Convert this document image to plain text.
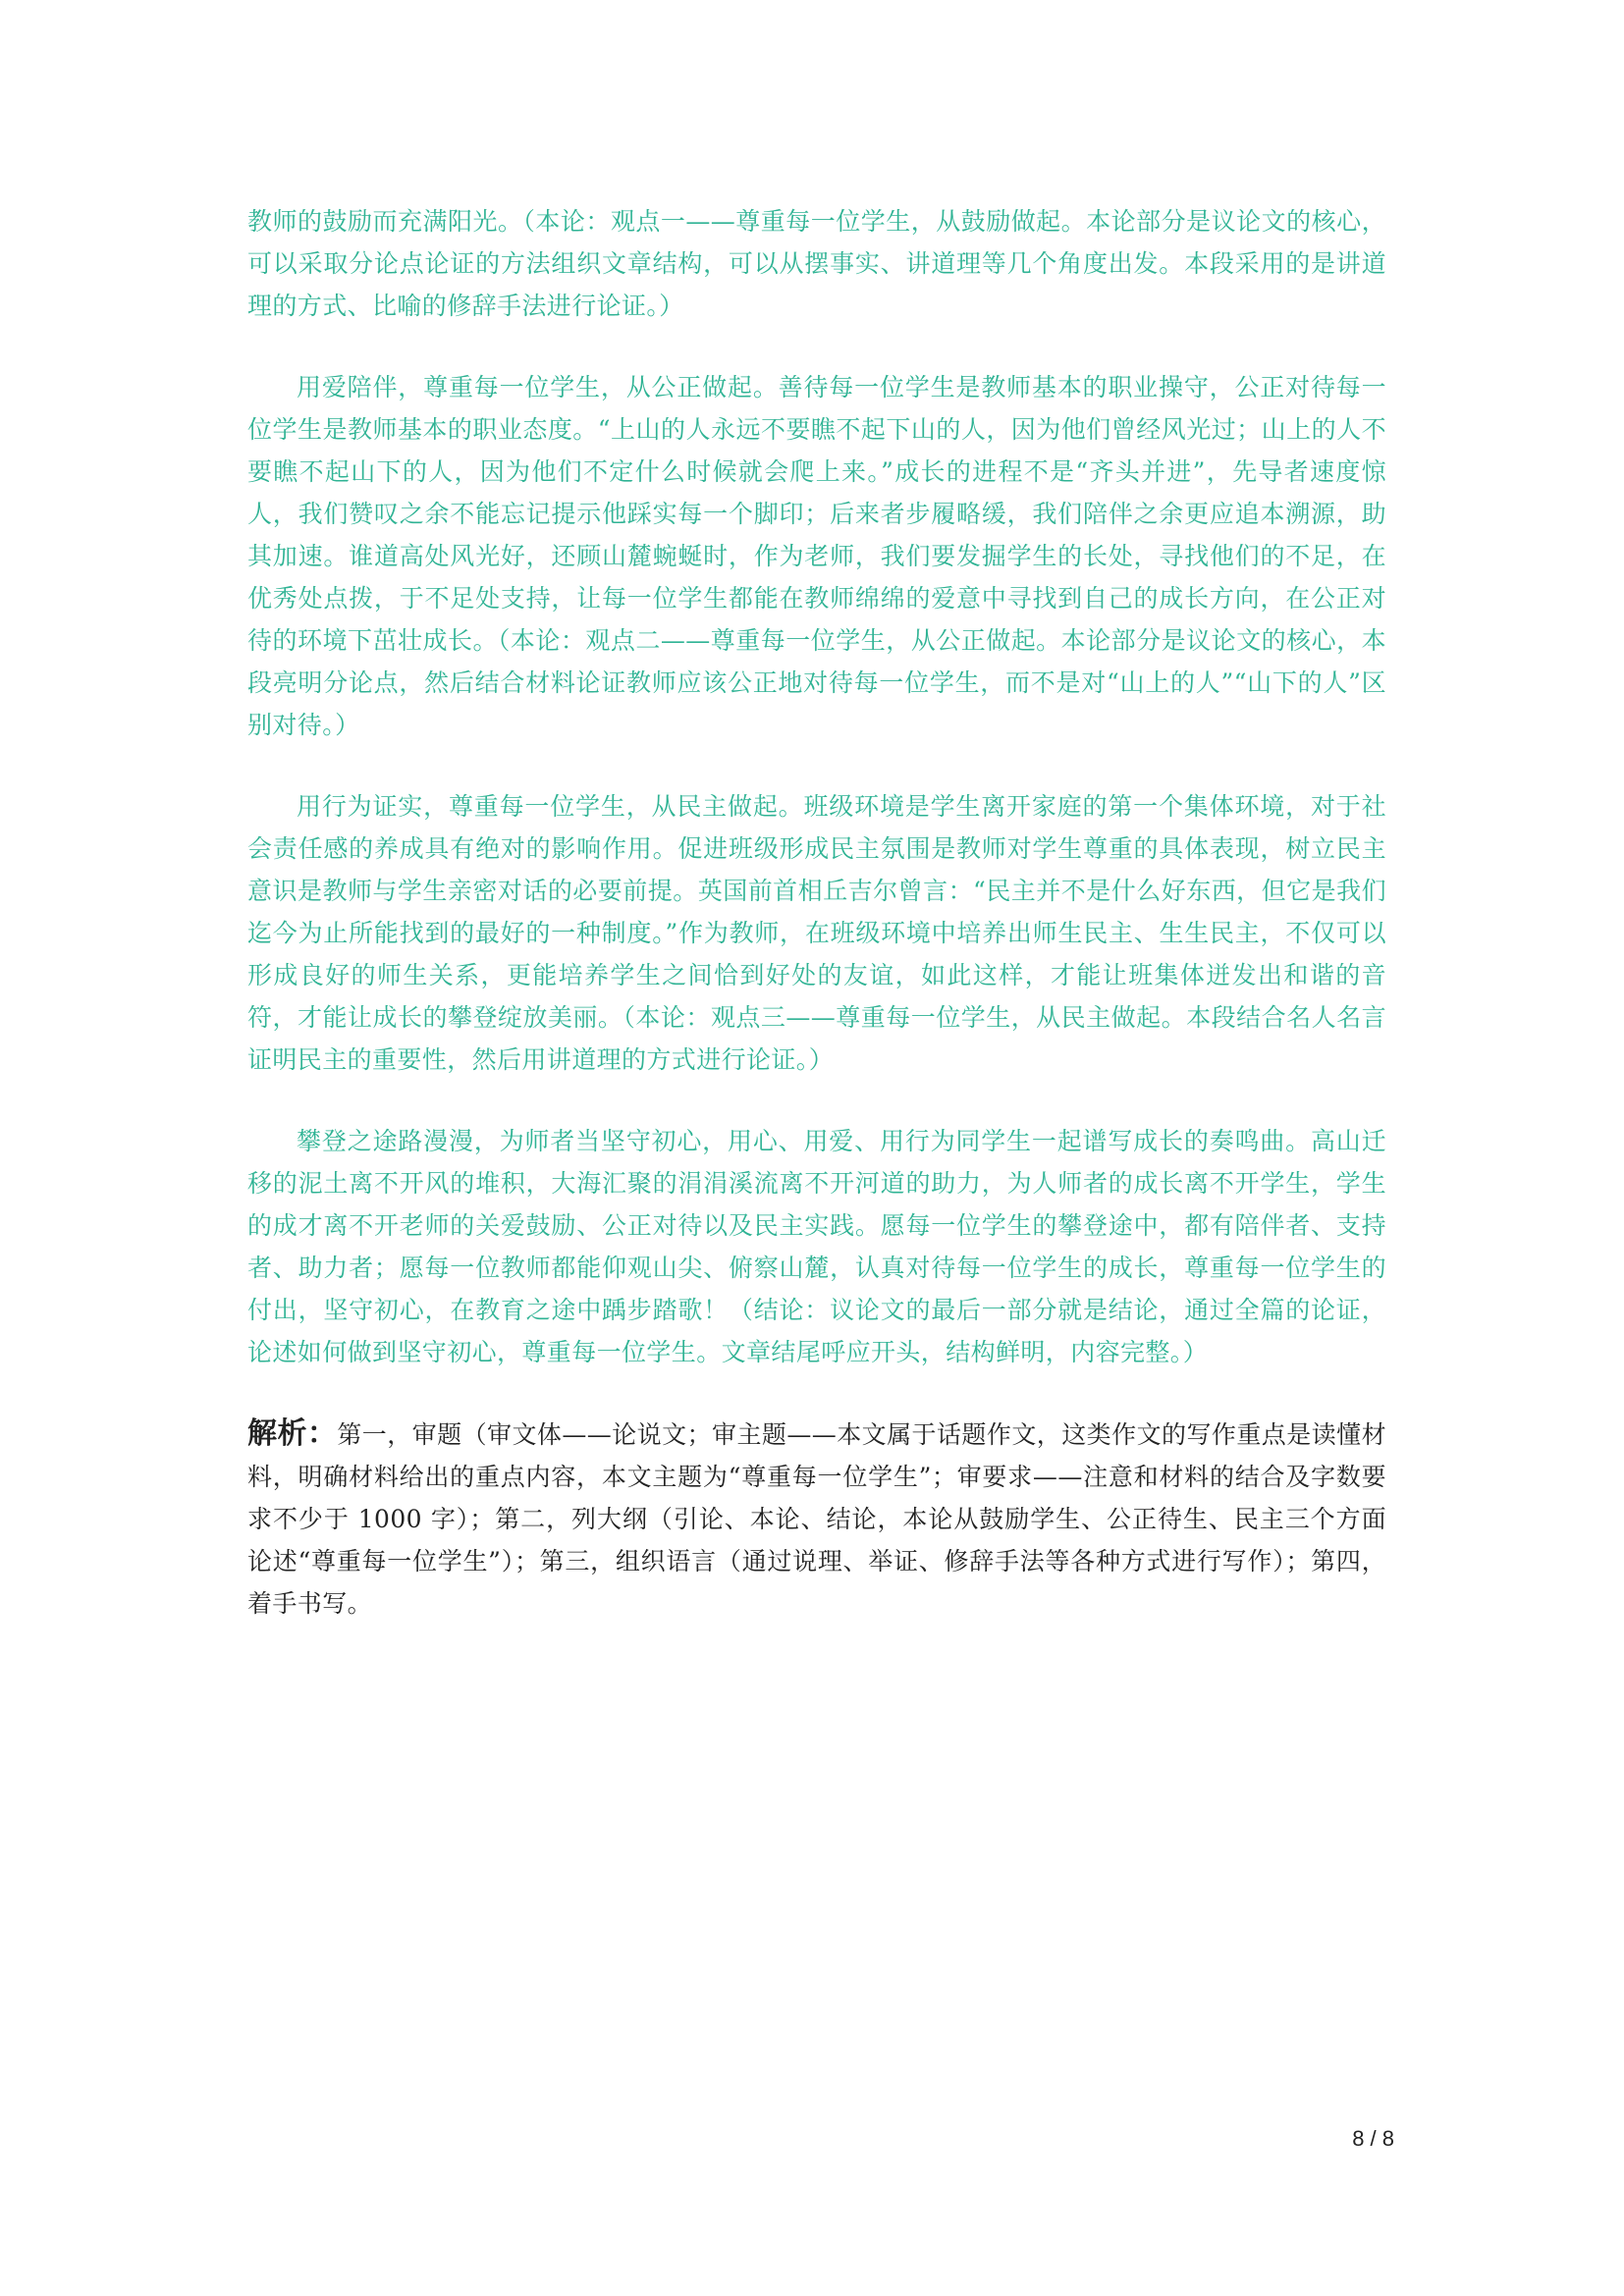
教师的鼓励而充满阳光。（本论：观点一——尊重每一位学生，从鼓励做起。本论部分是议论文的核心，可以采取分论点论证的方法组织文章结构，可以从摆事实、讲道理等几个角度出发。本段采用的是讲道理的方式、比喻的修辞手法进行论证。）

用爱陪伴，尊重每一位学生，从公正做起。善待每一位学生是教师基本的职业操守，公正对待每一位学生是教师基本的职业态度。“上山的人永远不要瞧不起下山的人，因为他们曾经风光过；山上的人不要瞧不起山下的人，因为他们不定什么时候就会爬上来。”成长的进程不是“齐头并进”，先导者速度惊人，我们赞叹之余不能忘记提示他踩实每一个脚印；后来者步履略缓，我们陪伴之余更应追本溯源，助其加速。谁道高处风光好，还顾山麓蜿蜒时，作为老师，我们要发掘学生的长处，寻找他们的不足，在优秀处点拨，于不足处支持，让每一位学生都能在教师绵绵的爱意中寻找到自己的成长方向，在公正对待的环境下茁壮成长。（本论：观点二——尊重每一位学生，从公正做起。本论部分是议论文的核心，本段亮明分论点，然后结合材料论证教师应该公正地对待每一位学生，而不是对“山上的人”“山下的人”区别对待。）

用行为证实，尊重每一位学生，从民主做起。班级环境是学生离开家庭的第一个集体环境，对于社会责任感的养成具有绝对的影响作用。促进班级形成民主氛围是教师对学生尊重的具体表现，树立民主意识是教师与学生亲密对话的必要前提。英国前首相丘吉尔曾言：“民主并不是什么好东西，但它是我们迄今为止所能找到的最好的一种制度。”作为教师，在班级环境中培养出师生民主、生生民主，不仅可以形成良好的师生关系，更能培养学生之间恰到好处的友谊，如此这样，才能让班集体迸发出和谐的音符，才能让成长的攀登绽放美丽。（本论：观点三——尊重每一位学生，从民主做起。本段结合名人名言证明民主的重要性，然后用讲道理的方式进行论证。）

攀登之途路漫漫，为师者当坚守初心，用心、用爱、用行为同学生一起谱写成长的奏鸣曲。高山迁移的泥土离不开风的堆积，大海汇聚的涓涓溪流离不开河道的助力，为人师者的成长离不开学生，学生的成才离不开老师的关爱鼓励、公正对待以及民主实践。愿每一位学生的攀登途中，都有陪伴者、支持者、助力者；愿每一位教师都能仰观山尖、俯察山麓，认真对待每一位学生的成长，尊重每一位学生的付出，坚守初心，在教育之途中踽步踏歌！（结论：议论文的最后一部分就是结论，通过全篇的论证，论述如何做到坚守初心，尊重每一位学生。文章结尾呼应开头，结构鲜明，内容完整。）

解析：第一，审题（审文体——论说文；审主题——本文属于话题作文，这类作文的写作重点是读懂材料，明确材料给出的重点内容，本文主题为“尊重每一位学生”；审要求——注意和材料的结合及字数要求不少于 1000 字）；第二，列大纲（引论、本论、结论，本论从鼓励学生、公正待生、民主三个方面论述“尊重每一位学生”）；第三，组织语言（通过说理、举证、修辞手法等各种方式进行写作）；第四，着手书写。

8 / 8
